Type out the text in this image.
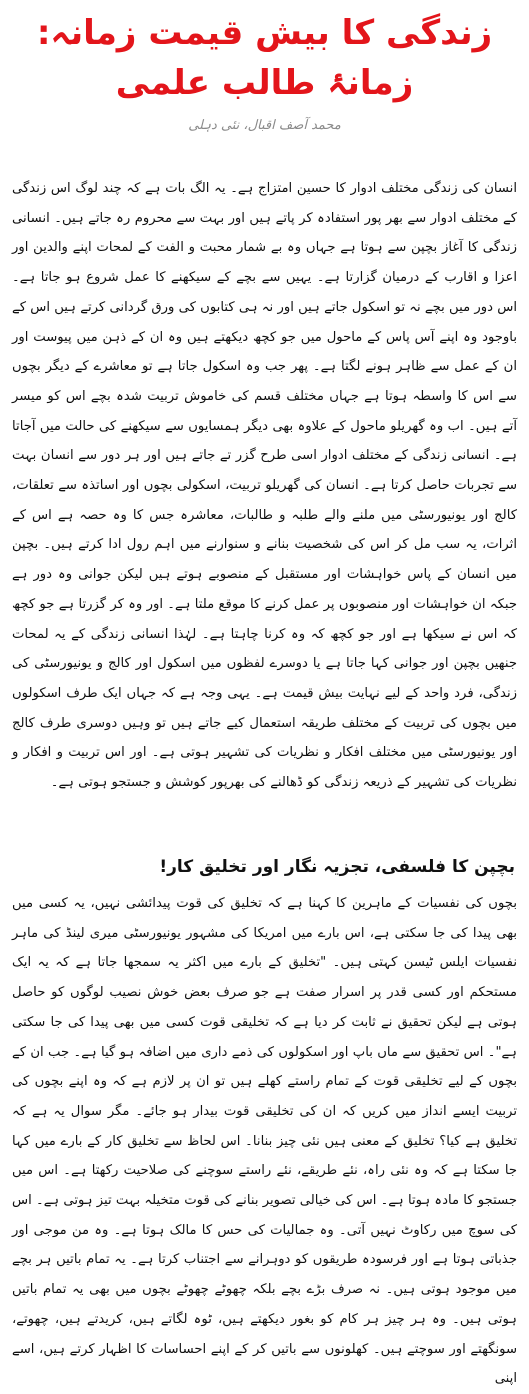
زندگی کا بیش قیمت زمانہ: زمانۂ طالب علمی
محمد آصف اقبال، نئی دہلی
انسان کی زندگی مختلف ادوار کا حسین امتزاج ہے۔ یہ الگ بات ہے کہ چند لوگ اس زندگی کے مختلف ادوار سے بھر پور استفادہ کر پاتے ہیں اور بہت سے محروم رہ جاتے ہیں۔ انسانی زندگی کا آغاز بچپن سے ہوتا ہے جہاں وہ بے شمار محبت و الفت کے لمحات اپنے والدین اور اعزا و اقارب کے درمیان گزارتا ہے۔ یہیں سے بچے کے سیکھنے کا عمل شروع ہو جاتا ہے۔ اس دور میں بچے نہ تو اسکول جاتے ہیں اور نہ ہی کتابوں کی ورق گردانی کرتے ہیں اس کے باوجود وہ اپنے آس پاس کے ماحول میں جو کچھ دیکھتے ہیں وہ ان کے ذہن میں پیوست اور ان کے عمل سے ظاہر ہونے لگتا ہے۔ پھر جب وہ اسکول جاتا ہے تو معاشرے کے دیگر بچوں سے اس کا واسطہ ہوتا ہے جہاں مختلف قسم کی خاموش تربیت شدہ بچے اس کو میسر آتے ہیں۔ اب وہ گھریلو ماحول کے علاوہ بھی دیگر ہمسایوں سے سیکھنے کی حالت میں آجاتا ہے۔ انسانی زندگی کے مختلف ادوار اسی طرح گزر تے جاتے ہیں اور ہر دور سے انسان بہت سے تجربات حاصل کرتا ہے۔ انسان کی گھریلو تربیت، اسکولی بچوں اور اساتذہ سے تعلقات، کالج اور یونیورسٹی میں ملنے والے طلبہ و طالبات، معاشرہ جس کا وہ حصہ ہے اس کے اثرات، یہ سب مل کر اس کی شخصیت بنانے و سنوارنے میں اہم رول ادا کرتے ہیں۔ بچپن میں انسان کے پاس خواہشات اور مستقبل کے منصوبے ہوتے ہیں لیکن جوانی وہ دور ہے جبکہ ان خواہشات اور منصوبوں پر عمل کرنے کا موقع ملتا ہے۔ اور وہ کر گزرتا ہے جو کچھ کہ اس نے سیکھا ہے اور جو کچھ کہ وہ کرنا چاہتا ہے۔ لہٰذا انسانی زندگی کے یہ لمحات جنھیں بچپن اور جوانی کہا جاتا ہے یا دوسرے لفظوں میں اسکول اور کالج و یونیورسٹی کی زندگی، فرد واحد کے لیے نہایت بیش قیمت ہے۔ یہی وجہ ہے کہ جہاں ایک طرف اسکولوں میں بچوں کی تربیت کے مختلف طریقہ استعمال کیے جاتے ہیں تو وہیں دوسری طرف کالج اور یونیورسٹی میں مختلف افکار و نظریات کی تشہیر ہوتی ہے۔ اور اس تربیت و افکار و نظریات کی تشہیر کے ذریعہ زندگی کو ڈھالنے کی بھرپور کوشش و جستجو ہوتی ہے۔
بچپن کا فلسفی، تجزیہ نگار اور تخلیق کار!
بچوں کی نفسیات کے ماہرین کا کہنا ہے کہ تخلیق کی قوت پیدائشی نہیں، یہ کسی میں بھی پیدا کی جا سکتی ہے، اس بارے میں امریکا کی مشہور یونیورسٹی میری لینڈ کی ماہر نفسیات ایلس ٹیسن کہتی ہیں۔ "تخلیق کے بارے میں اکثر یہ سمجھا جاتا ہے کہ یہ ایک مستحکم اور کسی قدر پر اسرار صفت ہے جو صرف بعض خوش نصیب لوگوں کو حاصل ہوتی ہے لیکن تحقیق نے ثابت کر دیا ہے کہ تخلیقی قوت کسی میں بھی پیدا کی جا سکتی ہے"۔ اس تحقیق سے ماں باپ اور اسکولوں کی ذمے داری میں اضافہ ہو گیا ہے۔ جب ان کے بچوں کے لیے تخلیقی قوت کے تمام راستے کھلے ہیں تو ان پر لازم ہے کہ وہ اپنے بچوں کی تربیت ایسے انداز میں کریں کہ ان کی تخلیقی قوت بیدار ہو جائے۔ مگر سوال یہ ہے کہ تخلیق ہے کیا؟ تخلیق کے معنی ہیں نئی چیز بنانا۔ اس لحاظ سے تخلیق کار کے بارے میں کہا جا سکتا ہے کہ وہ نئی راہ، نئے طریقے، نئے راستے سوچنے کی صلاحیت رکھتا ہے۔ اس میں جستجو کا مادہ ہوتا ہے۔ اس کی خیالی تصویر بنانے کی قوت متخیلہ بہت تیز ہوتی ہے۔ اس کی سوچ میں رکاوٹ نہیں آتی۔ وہ جمالیات کی حس کا مالک ہوتا ہے۔ وہ من موجی اور جذباتی ہوتا ہے اور فرسودہ طریقوں کو دوہرانے سے اجتناب کرتا ہے۔ یہ تمام باتیں ہر بچے میں موجود ہوتی ہیں۔ نہ صرف بڑے بچے بلکہ چھوٹے چھوٹے بچوں میں بھی یہ تمام باتیں ہوتی ہیں۔ وہ ہر چیز ہر کام کو بغور دیکھتے ہیں، ٹوہ لگاتے ہیں، کریدتے ہیں، چھوتے، سونگھتے اور سوچتے ہیں۔ کھلونوں سے باتیں کر کے اپنے احساسات کا اظہار کرتے ہیں، اسے اپنی
